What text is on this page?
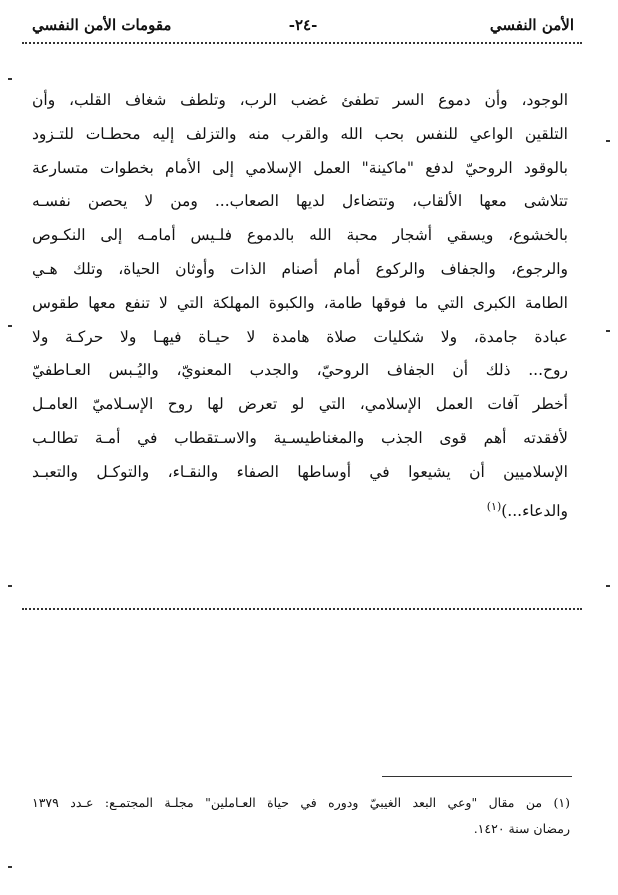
الأمن النفسي
-٢٤-
مقومات الأمن النفسي
الوجود، وأن دموع السر تطفئ غضب الرب، وتلطف شغاف القلب، وأن
التلقين الواعي للنفس بحب الله والقرب منه والتزلف إليه محطـات للتـزود
بالوقود الروحيّ لدفع "ماكينة" العمل الإسلامي إلى الأمام بخطوات متسارعة
تتلاشى معها الألقاب، وتتضاءل لديها الصعاب... ومن لا يحصن نفسـه
بالخشوع، ويسقي أشجار محبة الله بالدموع فلـيس أمامـه إلى النكـوص
والرجوع، والجفاف والركوع أمام أصنام الذات وأوثان الحياة، وتلك هـي
الطامة الكبرى التي ما فوقها طامة، والكبوة المهلكة التي لا تنفع معها طقوس
عبادة جامدة، ولا شكليات صلاة هامدة لا حيـاة فيهـا ولا حركـة ولا
روح... ذلك أن الجفاف الروحيّ، والجدب المعنويّ، واليُـبس العـاطفيّ
أخطر آفات العمل الإسلامي، التي لو تعرض لها روح الإسـلاميّ العامـل
لأفقدته أهم قوى الجذب والمغناطيسـية والاسـتقطاب في أمـة تطالـب
الإسلاميين أن يشيعوا في أوساطها الصفاء والنقـاء، والتوكـل والتعبـد
والدعاء...)$^{(١)}$
(١) من مقال "وعي البعد الغيبيّ ودوره في حياة العـاملين" مجلـة المجتمـع: عـدد ١٣٧٩
رمضان سنة ١٤٢٠.
